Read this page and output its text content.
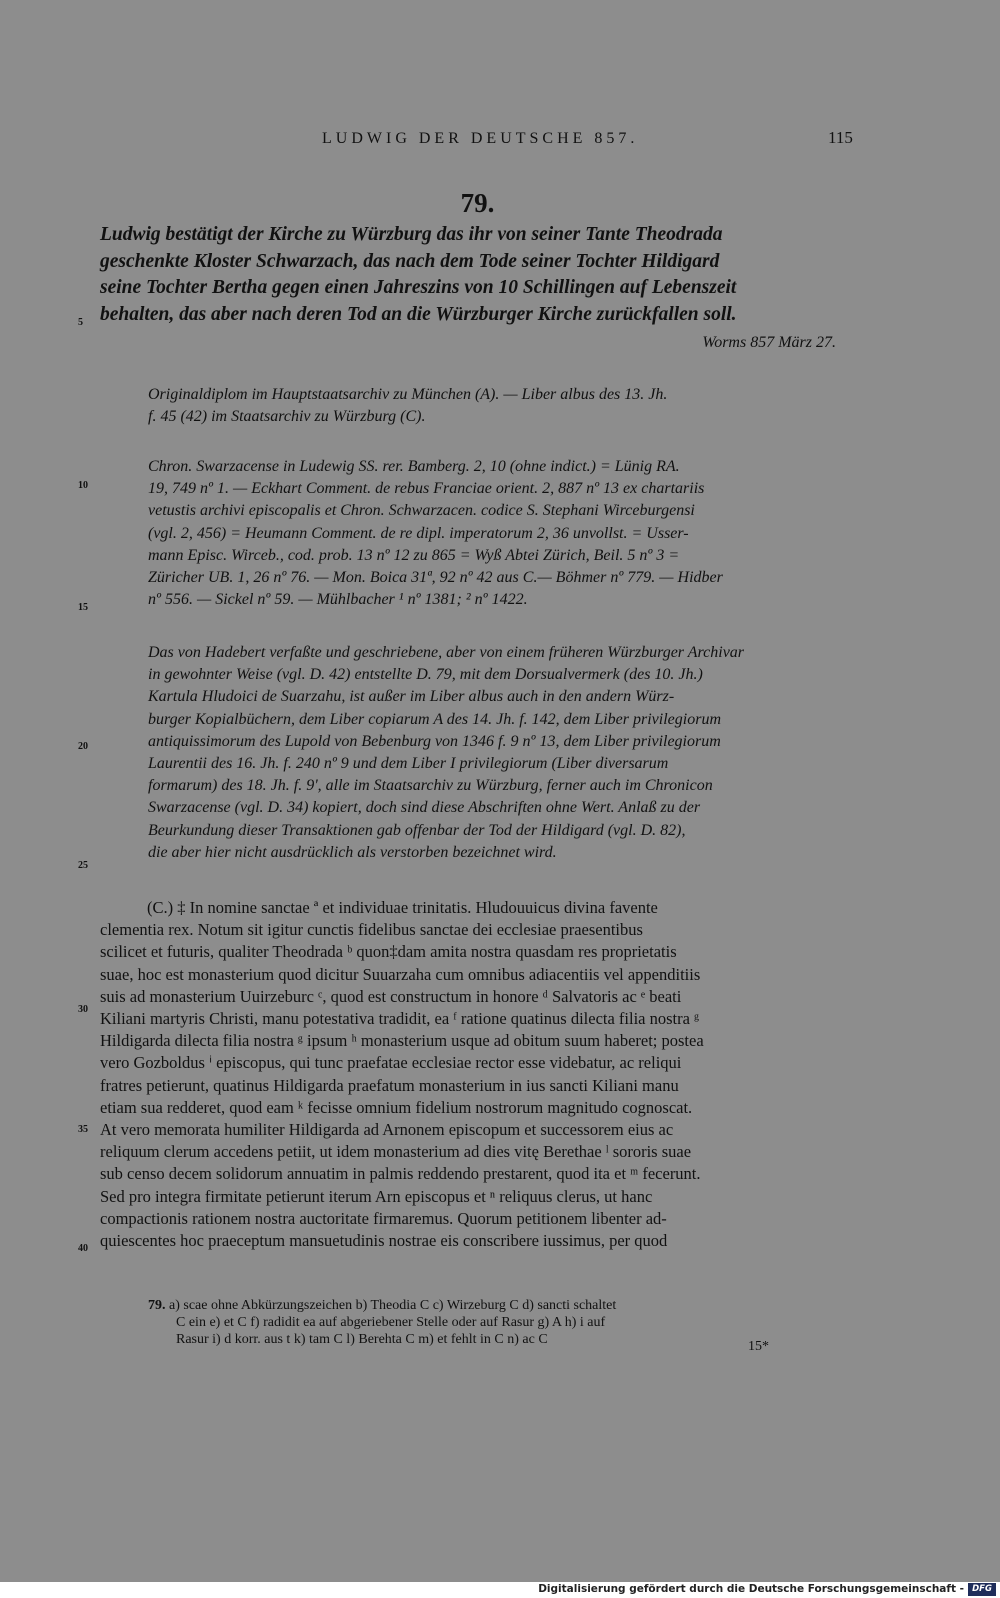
LUDWIG DER DEUTSCHE 857.	115
79.
Ludwig bestätigt der Kirche zu Würzburg das ihr von seiner Tante Theodrada
geschenkte Kloster Schwarzach, das nach dem Tode seiner Tochter Hildigard
seine Tochter Bertha gegen einen Jahreszins von 10 Schillingen auf Lebenszeit
behalten, das aber nach deren Tod an die Würzburger Kirche zurückfallen soll.
Worms 857 März 27.
Originaldiplom im Hauptstaatsarchiv zu München (A). — Liber albus des 13. Jh.
f. 45 (42) im Staatsarchiv zu Würzburg (C).
Chron. Swarzacense in Ludewig SS. rer. Bamberg. 2, 10 (ohne indict.) = Lünig RA.
19, 749 nº 1. — Eckhart Comment. de rebus Franciae orient. 2, 887 nº 13 ex chartariis
vetustis archivi episcopalis et Chron. Schwarzacen. codice S. Stephani Wirceburgensi
(vgl. 2, 456) = Heumann Comment. de re dipl. imperatorum 2, 36 unvollst. = Usser-
mann Episc. Wirceb., cod. prob. 13 nº 12 zu 865 = Wyß Abtei Zürich, Beil. 5 nº 3 =
Züricher UB. 1, 26 nº 76. — Mon. Boica 31ª, 92 nº 42 aus C.— Böhmer nº 779. — Hidber
nº 556. — Sickel nº 59. — Mühlbacher ¹ nº 1381; ² nº 1422.
Das von Hadebert verfaßte und geschriebene, aber von einem früheren Würzburger Archivar
in gewohnter Weise (vgl. D. 42) entstellte D. 79, mit dem Dorsualvermerk (des 10. Jh.)
Kartula Hludoici de Suarzahu, ist außer im Liber albus auch in den andern Würz-
burger Kopialbüchern, dem Liber copiarum A des 14. Jh. f. 142, dem Liber privilegiorum
antiquissimorum des Lupold von Bebenburg von 1346 f. 9 nº 13, dem Liber privilegiorum
Laurentii des 16. Jh. f. 240 nº 9 und dem Liber I privilegiorum (Liber diversarum
formarum) des 18. Jh. f. 9', alle im Staatsarchiv zu Würzburg, ferner auch im Chronicon
Swarzacense (vgl. D. 34) kopiert, doch sind diese Abschriften ohne Wert. Anlaß zu der
Beurkundung dieser Transaktionen gab offenbar der Tod der Hildigard (vgl. D. 82),
die aber hier nicht ausdrücklich als verstorben bezeichnet wird.
(C.) ‡ In nomine sanctae ª et individuae trinitatis. Hludouuicus divina favente
clementia rex. Notum sit igitur cunctis fidelibus sanctae dei ecclesiae praesentibus
scilicet et futuris, qualiter Theodrada ᵇ quon‡dam amita nostra quasdam res proprietatis
suae, hoc est monasterium quod dicitur Suuarzaha cum omnibus adiacentiis vel appenditiis
suis ad monasterium Uuirzeburc ᶜ, quod est constructum in honore ᵈ Salvatoris ac ᵉ beati
Kiliani martyris Christi, manu potestativa tradidit, ea ᶠ ratione quatinus dilecta filia nostra ᵍ
Hildigarda dilecta filia nostra ᵍ ipsum ʰ monasterium usque ad obitum suum haberet; postea
vero Gozboldus ⁱ episcopus, qui tunc praefatae ecclesiae rector esse videbatur, ac reliqui
fratres petierunt, quatinus Hildigarda praefatum monasterium in ius sancti Kiliani manu
etiam sua redderet, quod eam ᵏ fecisse omnium fidelium nostrorum magnitudo cognoscat.
At vero memorata humiliter Hildigarda ad Arnonem episcopum et successorem eius ac
reliquum clerum accedens petiit, ut idem monasterium ad dies vitę Berethae ˡ sororis suae
sub censo decem solidorum annuatim in palmis reddendo prestarent, quod ita et ᵐ fecerunt.
Sed pro integra firmitate petierunt iterum Arn episcopus et ⁿ reliquus clerus, ut hanc
compactionis rationem nostra auctoritate firmaremus. Quorum petitionem libenter ad-
quiescentes hoc praeceptum mansuetudinis nostrae eis conscribere iussimus, per quod
5
10
15
20
25
30
35
40
79. a) scae ohne Abkürzungszeichen b) Theodia C c) Wirzeburg C d) sancti schaltet
C ein e) et C f) radidit ea auf abgeriebener Stelle oder auf Rasur g) A h) i auf
Rasur i) d korr. aus t k) tam C l) Berehta C m) et fehlt in C n) ac C	15*
Digitalisierung gefördert durch die Deutsche Forschungsgemeinschaft - DFG
